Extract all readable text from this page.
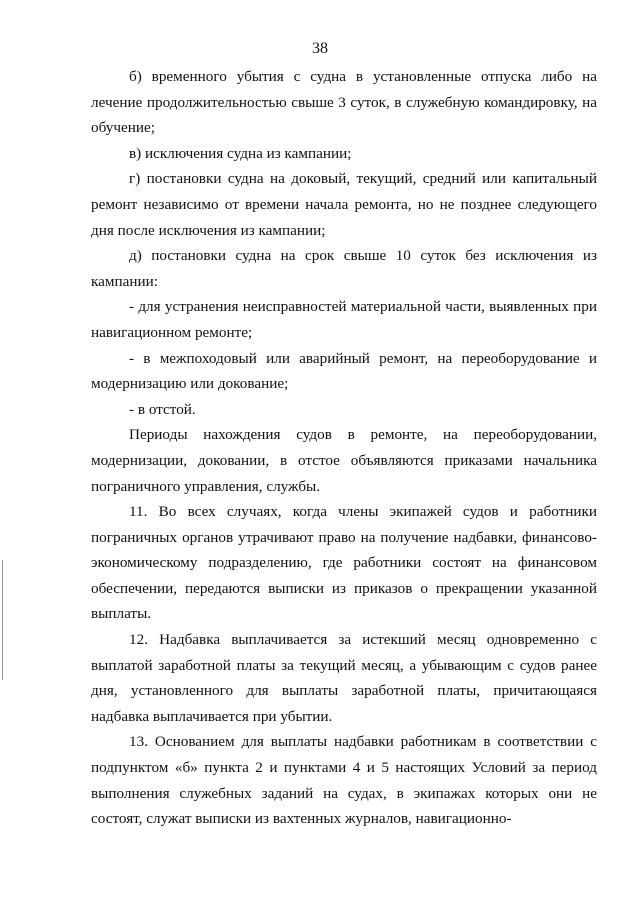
38

б) временного убытия с судна в установленные отпуска либо на лечение продолжительностью свыше 3 суток, в служебную командировку, на обучение;

в) исключения судна из кампании;

г) постановки судна на доковый, текущий, средний или капитальный ремонт независимо от времени начала ремонта, но не позднее следующего дня после исключения из кампании;

д) постановки судна на срок свыше 10 суток без исключения из кампании:

- для устранения неисправностей материальной части, выявленных при навигационном ремонте;

- в межпоходовый или аварийный ремонт, на переоборудование и модернизацию или докование;

- в отстой.

Периоды нахождения судов в ремонте, на переоборудовании, модернизации, доковании, в отстое объявляются приказами начальника пограничного управления, службы.

11. Во всех случаях, когда члены экипажей судов и работники пограничных органов утрачивают право на получение надбавки, финансово-экономическому подразделению, где работники состоят на финансовом обеспечении, передаются выписки из приказов о прекращении указанной выплаты.

12. Надбавка выплачивается за истекший месяц одновременно с выплатой заработной платы за текущий месяц, а убывающим с судов ранее дня, установленного для выплаты заработной платы, причитающаяся надбавка выплачивается при убытии.

13. Основанием для выплаты надбавки работникам в соответствии с подпунктом «б» пункта 2 и пунктами 4 и 5 настоящих Условий за период выполнения служебных заданий на судах, в экипажах которых они не состоят, служат выписки из вахтенных журналов, навигационно-
